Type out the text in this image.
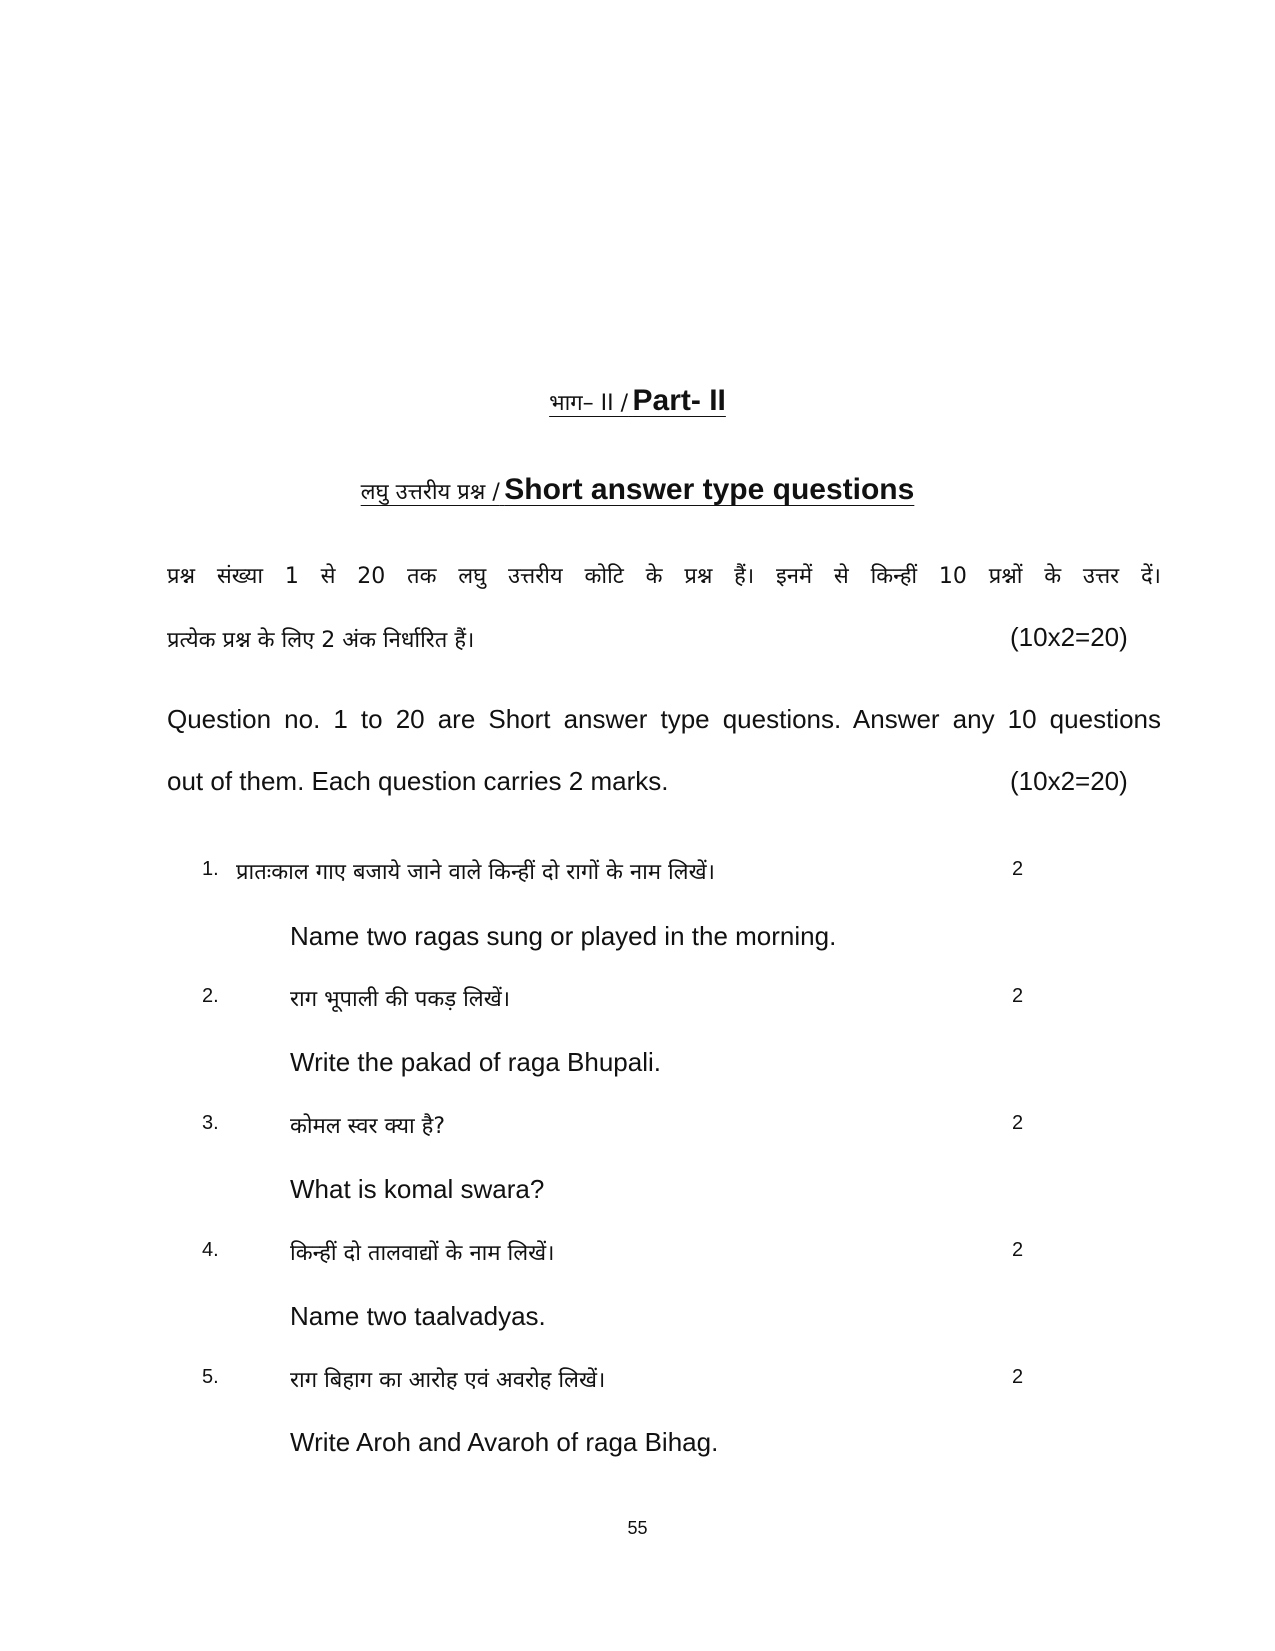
भाग– II / Part- II
लघु उत्तरीय प्रश्न / Short answer type questions
प्रश्न संख्या 1 से 20 तक लघु उत्तरीय कोटि के प्रश्न हैं। इनमें से किन्हीं 10 प्रश्नों के उत्तर दें।
प्रत्येक प्रश्न के लिए 2 अंक निर्धारित हैं।	(10x2=20)
Question no. 1 to 20 are Short answer type questions. Answer any 10 questions
out of them. Each question carries 2 marks.	(10x2=20)
1. प्रातःकाल गाए बजाये जाने वाले किन्हीं दो रागों के नाम लिखें।	2
Name two ragas sung or played in the morning.
2.	राग भूपाली की पकड़ लिखें।	2
Write the pakad of raga Bhupali.
3.	कोमल स्वर क्या है?	2
What is komal swara?
4.	किन्हीं दो तालवाद्यों के नाम लिखें।	2
Name two taalvadyas.
5.	राग बिहाग का आरोह एवं अवरोह लिखें।	2
Write Aroh and Avaroh of raga Bihag.
55
